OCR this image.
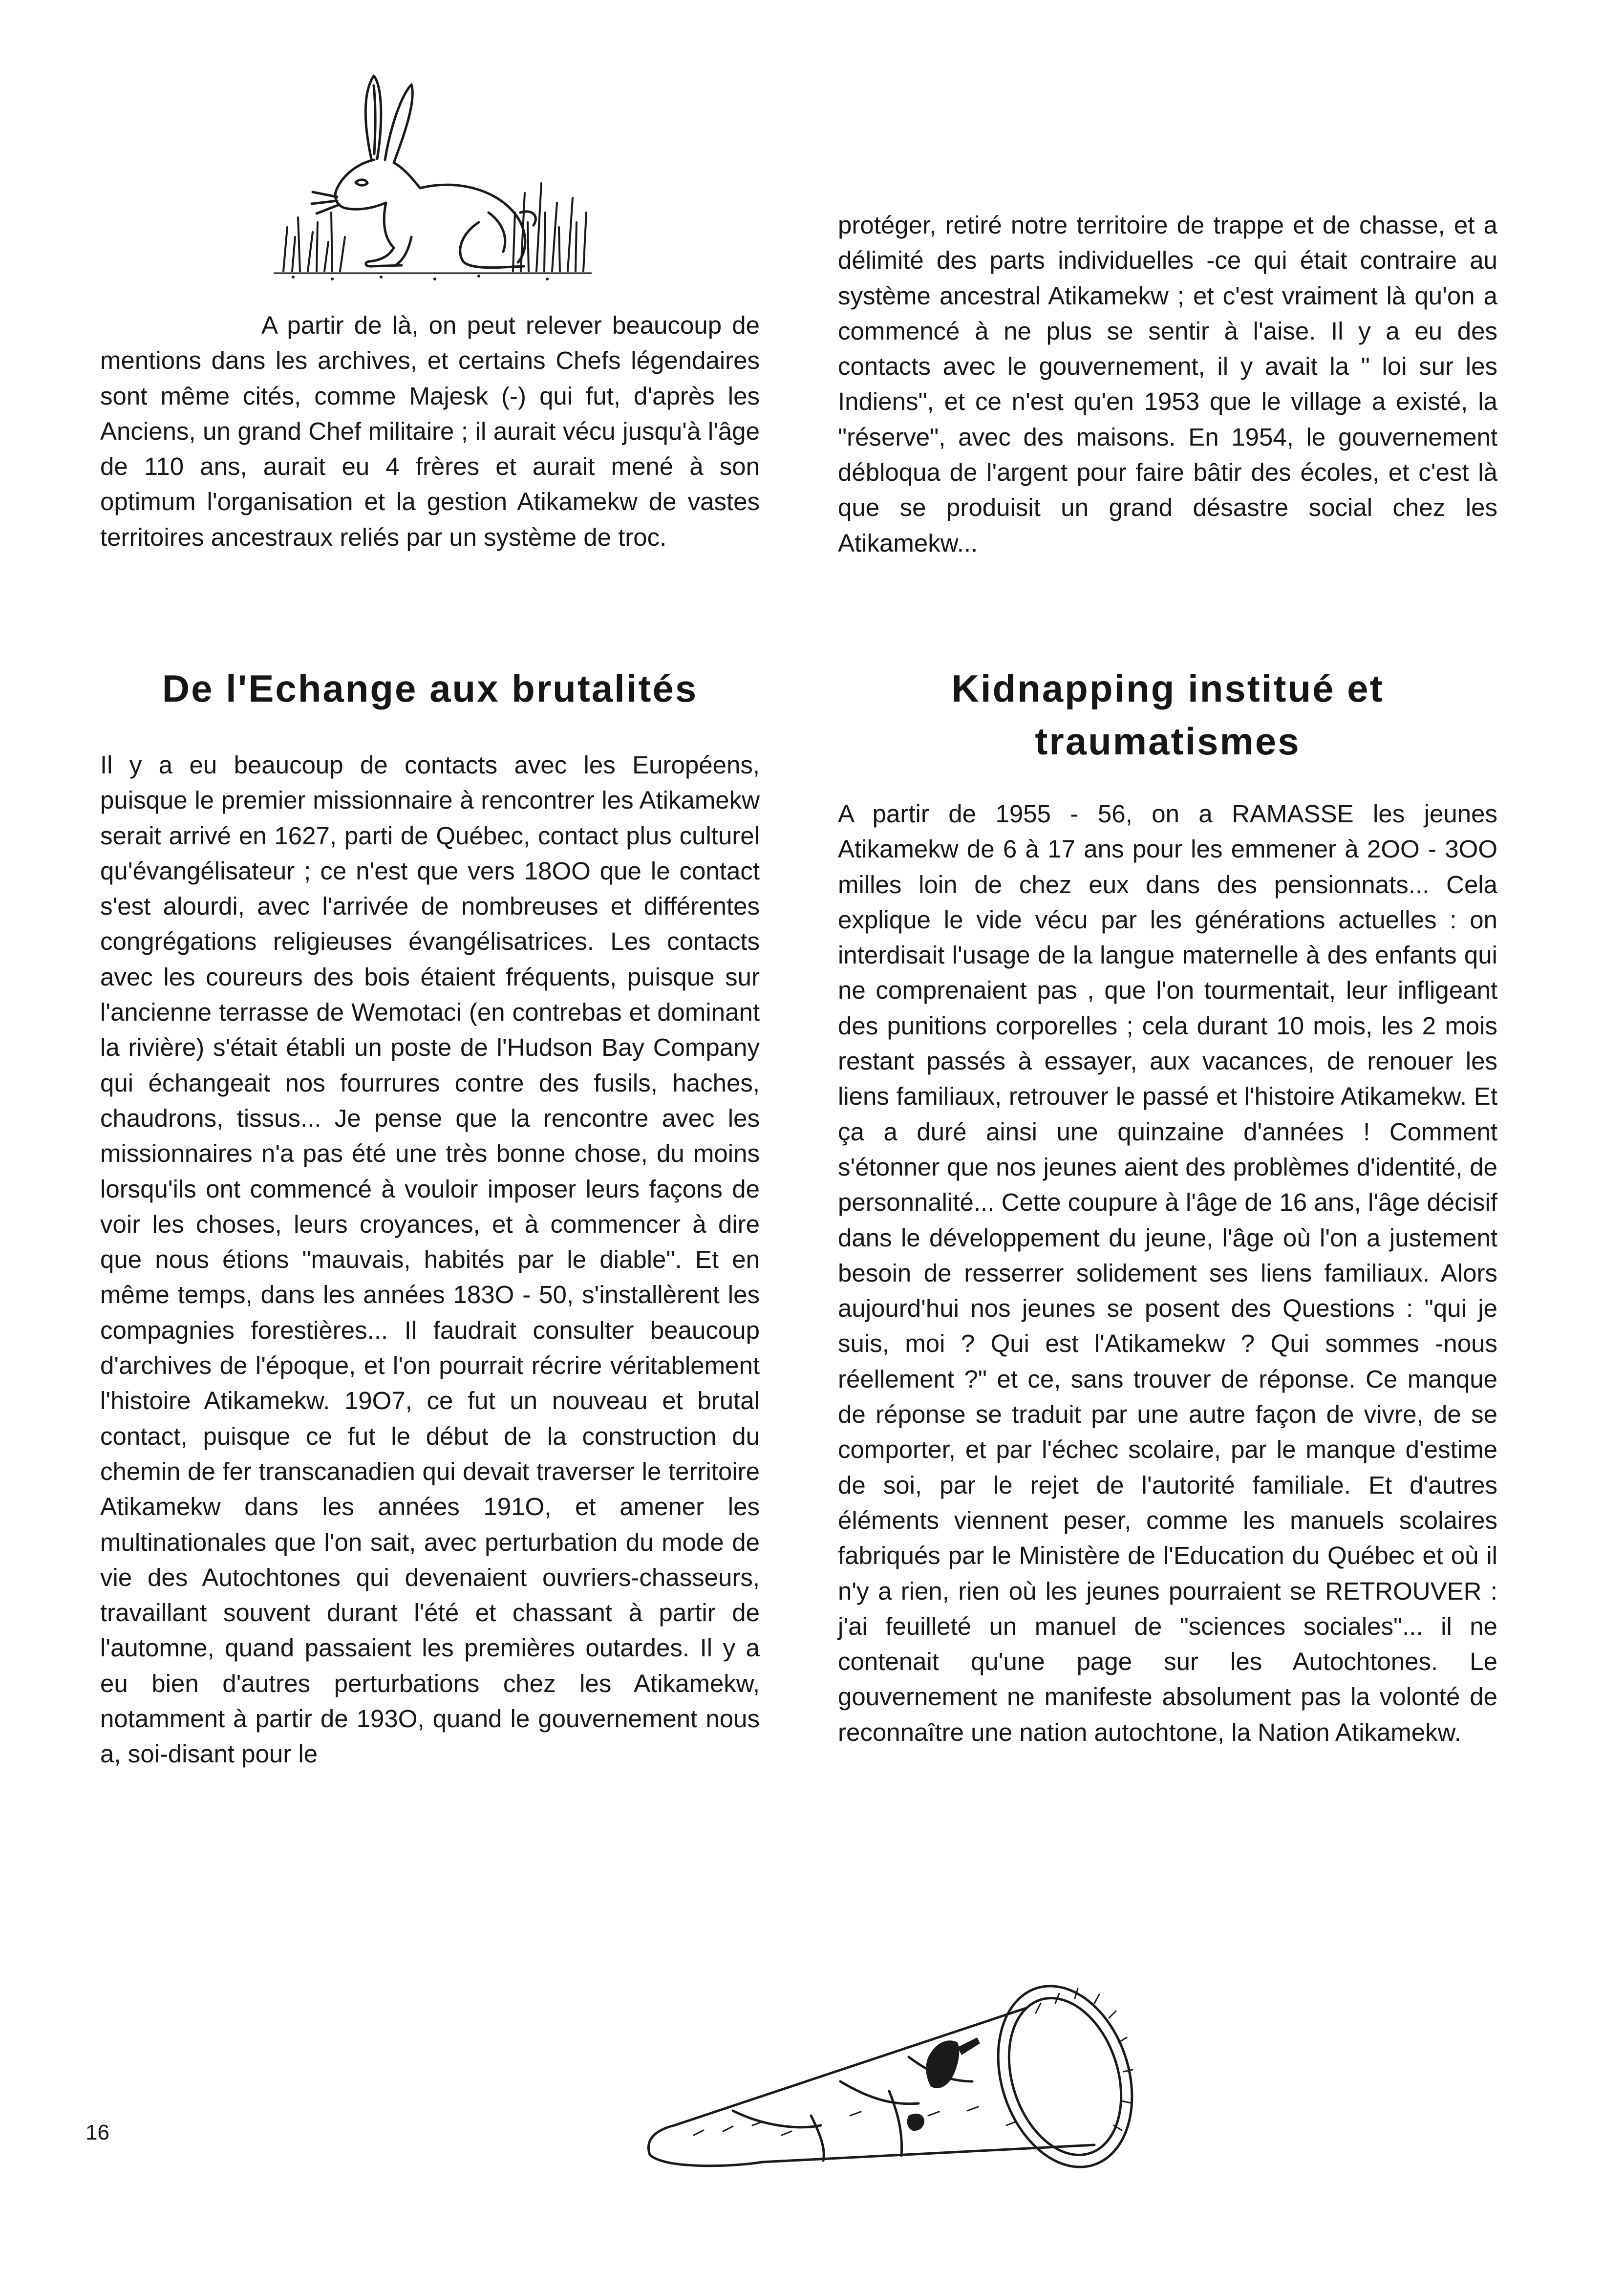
A partir de là, on peut relever beaucoup de mentions dans les archives, et certains Chefs légendaires sont même cités, comme Majesk (-) qui fut, d'après les Anciens, un grand Chef militaire ; il aurait vécu jusqu'à l'âge de 110 ans, aurait eu 4 frères et aurait mené à son optimum l'organisation et la gestion Atikamekw de vastes territoires ancestraux reliés par un système de troc.

De l'Echange aux brutalités

Il y a eu beaucoup de contacts avec les Européens, puisque le premier missionnaire à rencontrer les Atikamekw serait arrivé en 1627, parti de Québec, contact plus culturel qu'évangélisateur ; ce n'est que vers 18OO que le contact s'est alourdi, avec l'arrivée de nombreuses et différentes congrégations religieuses évangélisatrices. Les contacts avec les coureurs des bois étaient fréquents, puisque sur l'ancienne terrasse de Wemotaci (en contrebas et dominant la rivière) s'était établi un poste de l'Hudson Bay Company qui échangeait nos fourrures contre des fusils, haches, chaudrons, tissus... Je pense que la rencontre avec les missionnaires n'a pas été une très bonne chose, du moins lorsqu'ils ont commencé à vouloir imposer leurs façons de voir les choses, leurs croyances, et à commencer à dire que nous étions "mauvais, habités par le diable". Et en même temps, dans les années 183O - 50, s'installèrent les compagnies forestières... Il faudrait consulter beaucoup d'archives de l'époque, et l'on pourrait récrire véritablement l'histoire Atikamekw. 19O7, ce fut un nouveau et brutal contact, puisque ce fut le début de la construction du chemin de fer transcanadien qui devait traverser le territoire Atikamekw dans les années 191O, et amener les multinationales que l'on sait, avec perturbation du mode de vie des Autochtones qui devenaient ouvriers-chasseurs, travaillant souvent durant l'été et chassant à partir de l'automne, quand passaient les premières outardes. Il y a eu bien d'autres perturbations chez les Atikamekw, notamment à partir de 193O, quand le gouvernement nous a, soi-disant pour le

protéger, retiré notre territoire de trappe et de chasse, et a délimité des parts individuelles -ce qui était contraire au système ancestral Atikamekw ; et c'est vraiment là qu'on a commencé à ne plus se sentir à l'aise. Il y a eu des contacts avec le gouvernement, il y avait la " loi sur les Indiens", et ce n'est qu'en 1953 que le village a existé, la "réserve", avec des maisons. En 1954, le gouvernement débloqua de l'argent pour faire bâtir des écoles, et c'est là que se produisit un grand désastre social chez les Atikamekw...

Kidnapping institué et
traumatismes

A partir de 1955 - 56, on a RAMASSE les jeunes Atikamekw de 6 à 17 ans pour les emmener à 2OO - 3OO milles loin de chez eux dans des pensionnats... Cela explique le vide vécu par les générations actuelles : on interdisait l'usage de la langue maternelle à des enfants qui ne comprenaient pas , que l'on tourmentait, leur infligeant des punitions corporelles ; cela durant 10 mois, les 2 mois restant passés à essayer, aux vacances, de renouer les liens familiaux, retrouver le passé et l'histoire Atikamekw. Et ça a duré ainsi une quinzaine d'années ! Comment s'étonner que nos jeunes aient des problèmes d'identité, de personnalité... Cette coupure à l'âge de 16 ans, l'âge décisif dans le développement du jeune, l'âge où l'on a justement besoin de resserrer solidement ses liens familiaux. Alors aujourd'hui nos jeunes se posent des Questions : "qui je suis, moi ? Qui est l'Atikamekw ? Qui sommes -nous réellement ?" et ce, sans trouver de réponse. Ce manque de réponse se traduit par une autre façon de vivre, de se comporter, et par l'échec scolaire, par le manque d'estime de soi, par le rejet de l'autorité familiale. Et d'autres éléments viennent peser, comme les manuels scolaires fabriqués par le Ministère de l'Education du Québec et où il n'y a rien, rien où les jeunes pourraient se RETROUVER : j'ai feuilleté un manuel de "sciences sociales"... il ne contenait qu'une page sur les Autochtones. Le gouvernement ne manifeste absolument pas la volonté de reconnaître une nation autochtone, la Nation Atikamekw.

16
